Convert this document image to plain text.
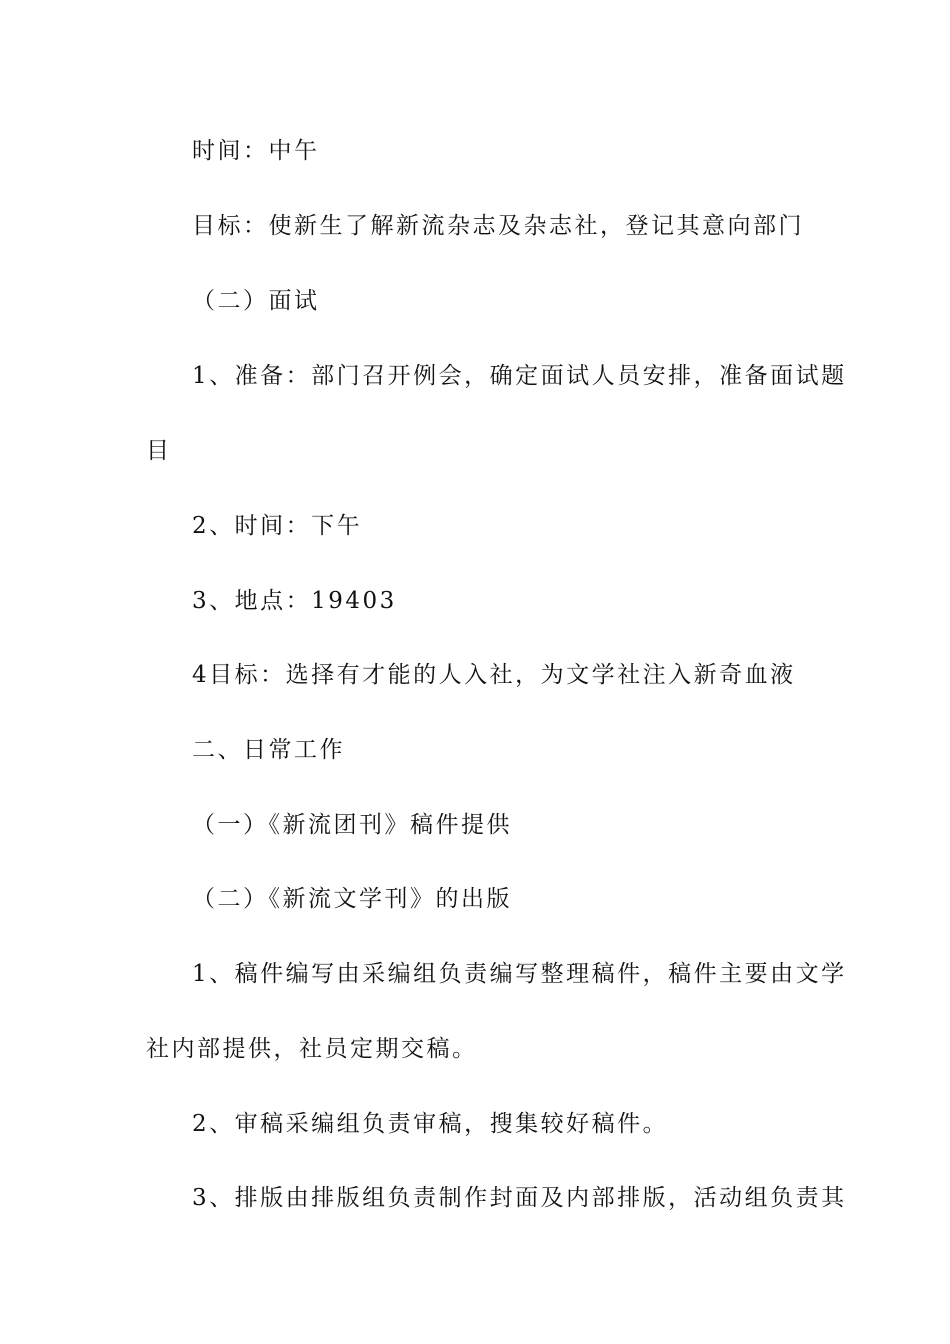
时间：中午
目标：使新生了解新流杂志及杂志社，登记其意向部门
（二）面试
1、准备：部门召开例会，确定面试人员安排，准备面试题
目
2、时间：下午
3、地点：19403
4目标：选择有才能的人入社，为文学社注入新奇血液
二、日常工作
（一）《新流团刊》稿件提供
（二）《新流文学刊》的出版
1、稿件编写由采编组负责编写整理稿件，稿件主要由文学
社内部提供，社员定期交稿。
2、审稿采编组负责审稿，搜集较好稿件。
3、排版由排版组负责制作封面及内部排版，活动组负责其
